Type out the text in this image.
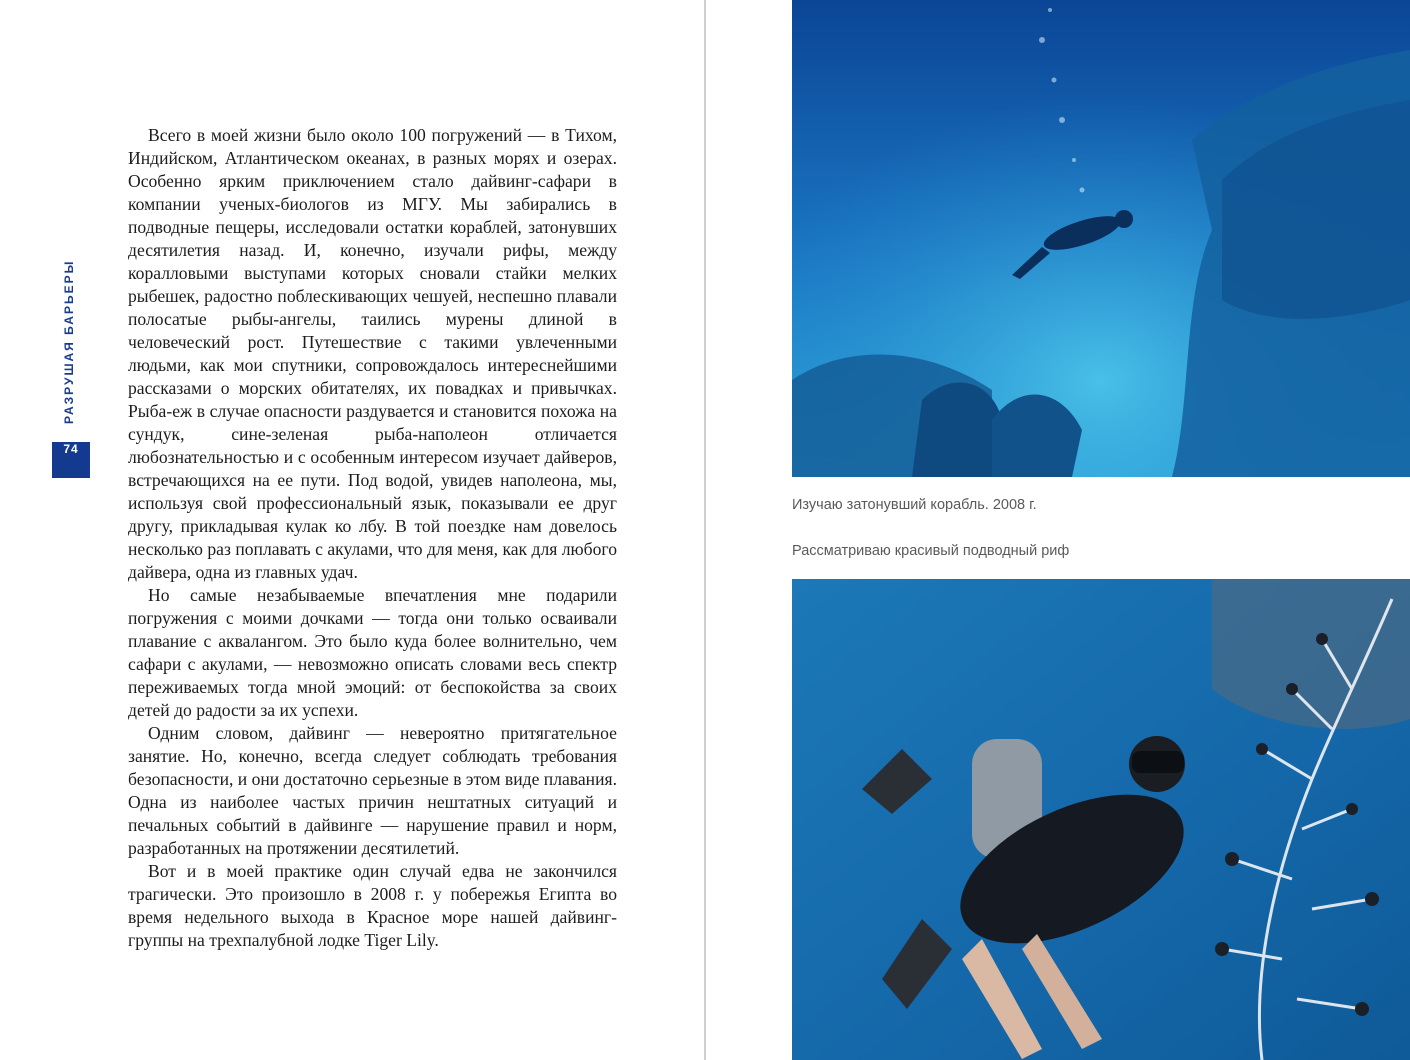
РАЗРУШАЯ БАРЬЕРЫ
74

Всего в моей жизни было около 100 погружений — в Тихом, Индийском, Атлантическом океанах, в разных морях и озерах. Особенно ярким приключением стало дайвинг-сафари в компании ученых-биологов из МГУ. Мы забирались в подводные пещеры, исследовали остатки кораблей, затонувших десятилетия назад. И, конечно, изучали рифы, между коралловыми выступами которых сновали стайки мелких рыбешек, радостно поблескивающих чешуей, неспешно плавали полосатые рыбы-ангелы, таились мурены длиной в человеческий рост. Путешествие с такими увлеченными людьми, как мои спутники, сопровождалось интереснейшими рассказами о морских обитателях, их повадках и привычках. Рыба-еж в случае опасности раздувается и становится похожа на сундук, сине-зеленая рыба-наполеон отличается любознательностью и с особенным интересом изучает дайверов, встречающихся на ее пути. Под водой, увидев наполеона, мы, используя свой профессиональный язык, показывали ее друг другу, прикладывая кулак ко лбу. В той поездке нам довелось несколько раз поплавать с акулами, что для меня, как для любого дайвера, одна из главных удач.

Но самые незабываемые впечатления мне подарили погружения с моими дочками — тогда они только осваивали плавание с аквалангом. Это было куда более волнительно, чем сафари с акулами, — невозможно описать словами весь спектр переживаемых тогда мной эмоций: от беспокойства за своих детей до радости за их успехи.

Одним словом, дайвинг — невероятно притягательное занятие. Но, конечно, всегда следует соблюдать требования безопасности, и они достаточно серьезные в этом виде плавания. Одна из наиболее частых причин нештатных ситуаций и печальных событий в дайвинге — нарушение правил и норм, разработанных на протяжении десятилетий.

Вот и в моей практике один случай едва не закончился трагически. Это произошло в 2008 г. у побережья Египта во время недельного выхода в Красное море нашей дайвинг-группы на трехпалубной лодке Tiger Lily.

Изучаю затонувший корабль. 2008 г.
Рассматриваю красивый подводный риф
